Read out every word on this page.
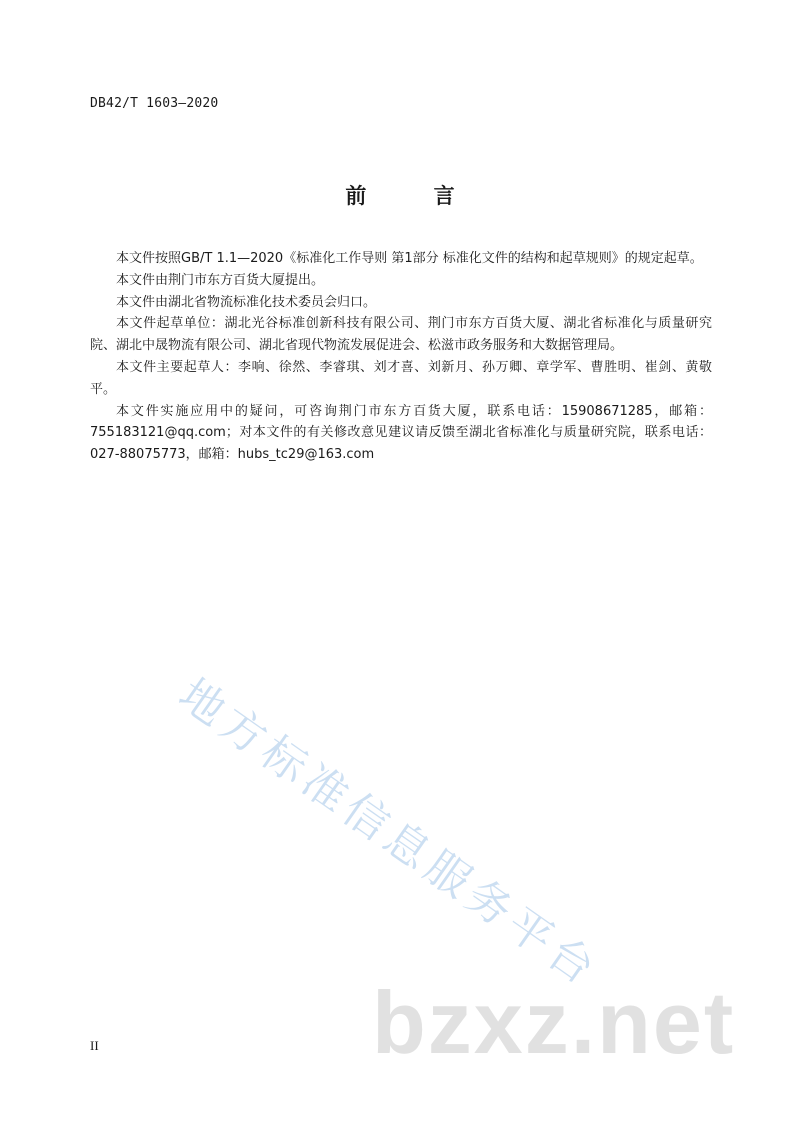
DB42/T 1603—2020
前 言

本文件按照GB/T 1.1—2020《标准化工作导则 第1部分 标准化文件的结构和起草规则》的规定起草。

本文件由荆门市东方百货大厦提出。

本文件由湖北省物流标准化技术委员会归口。

本文件起草单位：湖北光谷标准创新科技有限公司、荆门市东方百货大厦、湖北省标准化与质量研究院、湖北中晟物流有限公司、湖北省现代物流发展促进会、松滋市政务服务和大数据管理局。

本文件主要起草人：李响、徐然、李睿琪、刘才喜、刘新月、孙万卿、章学军、曹胜明、崔剑、黄敬平。

本文件实施应用中的疑问，可咨询荆门市东方百货大厦，联系电话：15908671285，邮箱：755183121@qq.com；对本文件的有关修改意见建议请反馈至湖北省标准化与质量研究院，联系电话：027-88075773，邮箱：hubs_tc29@163.com

地方标准信息服务平台
bzxz.net
II
